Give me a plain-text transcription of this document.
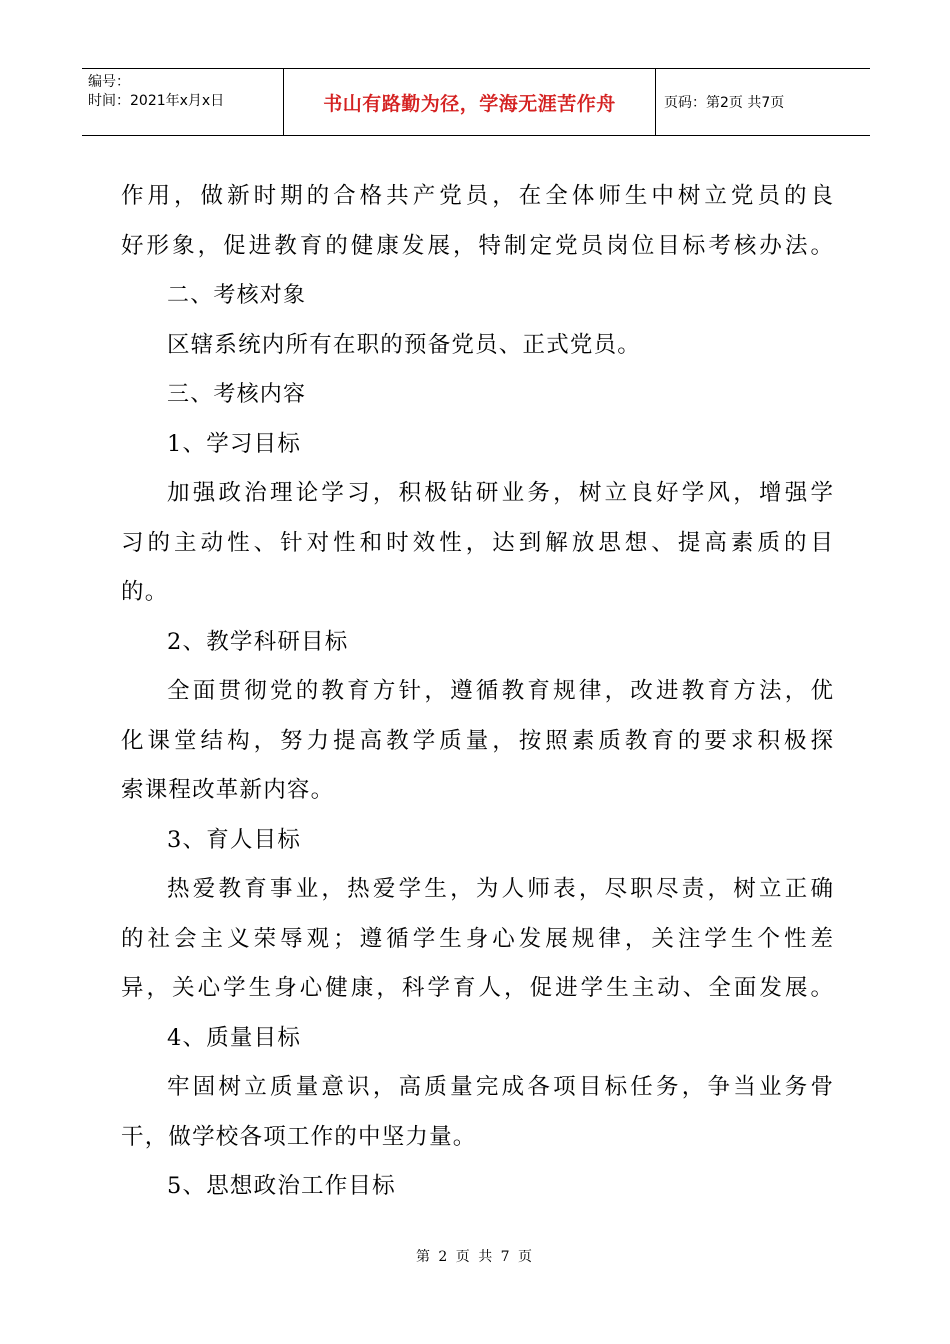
编号：
时间：2021年x月x日	书山有路勤为径，学海无涯苦作舟	页码：第2页 共7页
作用，做新时期的合格共产党员，在全体师生中树立党员的良
好形象，促进教育的健康发展，特制定党员岗位目标考核办法。
二、考核对象
区辖系统内所有在职的预备党员、正式党员。
三、考核内容
1、学习目标
加强政治理论学习，积极钻研业务，树立良好学风，增强学
习的主动性、针对性和时效性，达到解放思想、提高素质的目
的。
2、教学科研目标
全面贯彻党的教育方针，遵循教育规律，改进教育方法，优
化课堂结构，努力提高教学质量，按照素质教育的要求积极探
索课程改革新内容。
3、育人目标
热爱教育事业，热爱学生，为人师表，尽职尽责，树立正确
的社会主义荣辱观；遵循学生身心发展规律，关注学生个性差
异，关心学生身心健康，科学育人，促进学生主动、全面发展。
4、质量目标
牢固树立质量意识，高质量完成各项目标任务，争当业务骨
干，做学校各项工作的中坚力量。
5、思想政治工作目标
第 2 页 共 7 页
